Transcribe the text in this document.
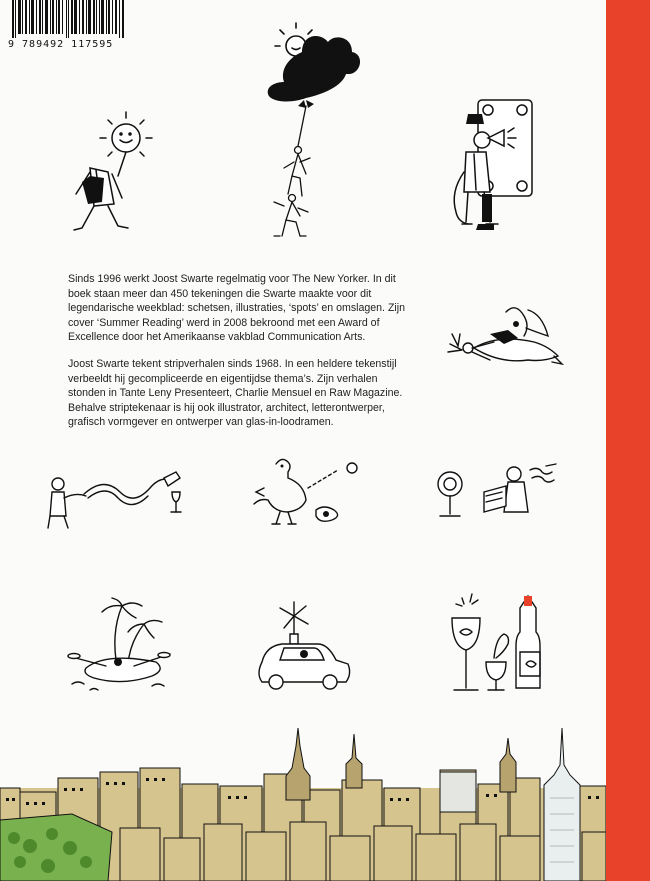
9 789492 117595

Sinds 1996 werkt Joost Swarte regelmatig voor The New Yorker. In dit boek staan meer dan 450 tekeningen die Swarte maakte voor dit legendarische weekblad: schetsen, illustraties, ‘spots’ en omslagen. Zijn cover ‘Summer Reading’ werd in 2008 bekroond met een Award of Excellence door het Amerikaanse vakblad Communication Arts.

Joost Swarte tekent stripverhalen sinds 1968. In een heldere tekenstijl verbeeldt hij gecompliceerde en eigentijdse thema’s. Zijn verhalen stonden in Tante Leny Presenteert, Charlie Mensuel en Raw Magazine. Behalve striptekenaar is hij ook illustrator, architect, letterontwerper, grafisch vormgever en ontwerper van glas-in-loodramen.
